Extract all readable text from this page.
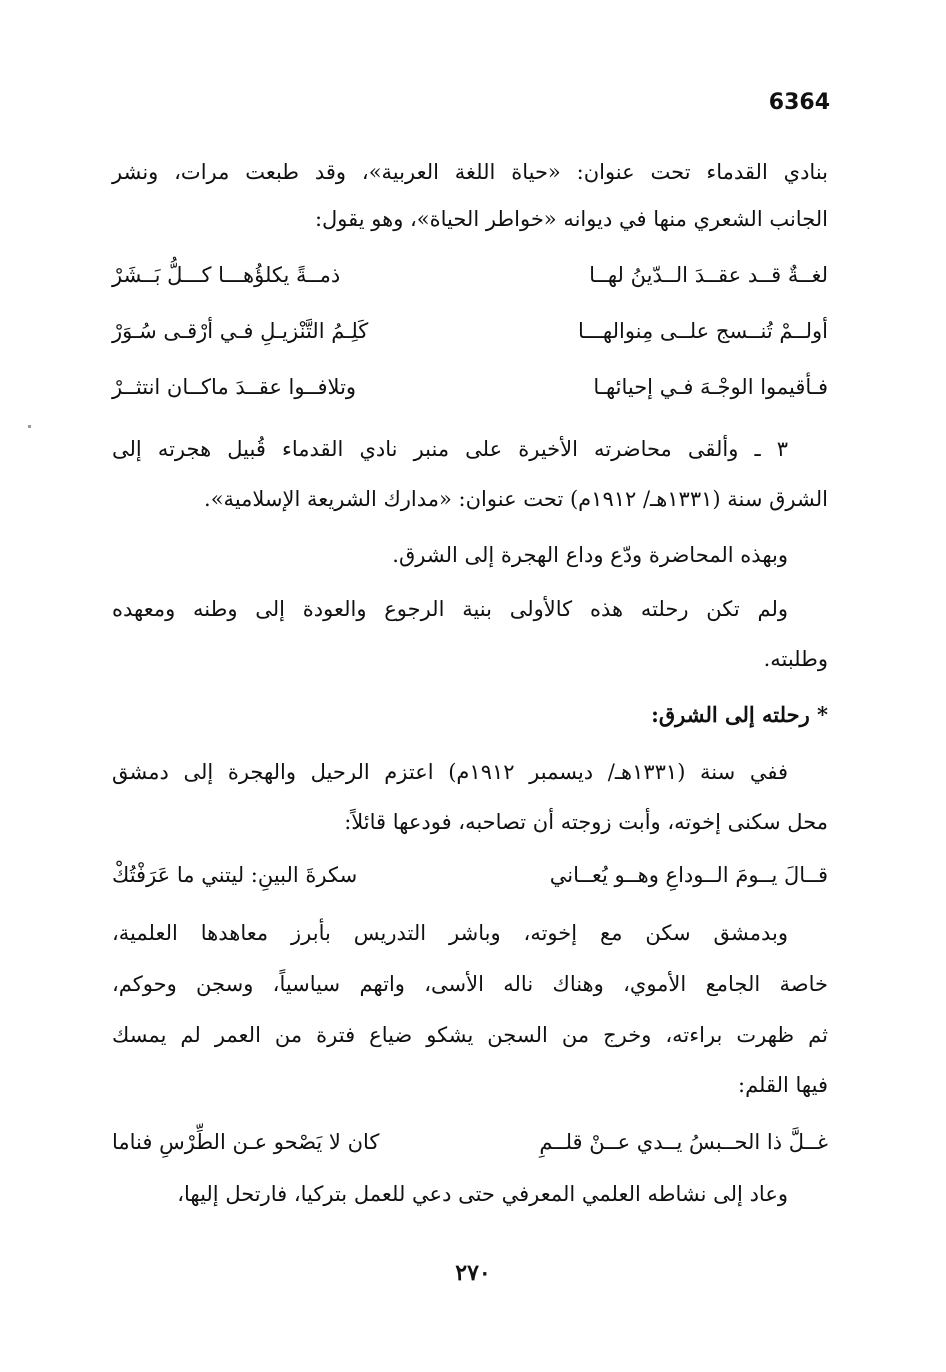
6364
بنادي القدماء تحت عنوان: «حياة اللغة العربية»، وقد طبعت مرات، ونشر
الجانب الشعري منها في ديوانه «خواطر الحياة»، وهو يقول:
لغــةٌ قــد عقــدَ الــدّينُ لهــا
ذمــةً يكلؤُهـــا كـــلُّ بَــشَرْ
أولــمْ تُنــسج علــى مِنوالهـــا
كَلِـمُ التَّنْزيـلِ فـي أرْقـى سُـوَرْ
فـأقيموا الوجْـهَ فـي إحيائهـا
وتلافــوا عقــدَ ماكــان انتثــرْ
٣ ـ وألقى محاضرته الأخيرة على منبر نادي القدماء قُبيل هجرته إلى
الشرق سنة (١٣٣١هـ/ ١٩١٢م) تحت عنوان: «مدارك الشريعة الإسلامية».
وبهذه المحاضرة ودّع وداع الهجرة إلى الشرق.
ولم تكن رحلته هذه كالأولى بنية الرجوع والعودة إلى وطنه ومعهده
وطلبته.
* رحلته إلى الشرق:
ففي سنة (١٣٣١هـ/ ديسمبر ١٩١٢م) اعتزم الرحيل والهجرة إلى دمشق
محل سكنى إخوته، وأبت زوجته أن تصاحبه، فودعها قائلاً:
قــالَ يــومَ الــوداعِ وهــو يُعــاني
سكرةَ البينِ: ليتني ما عَرَفْتُكْ
وبدمشق سكن مع إخوته، وباشر التدريس بأبرز معاهدها العلمية،
خاصة الجامع الأموي، وهناك ناله الأسى، واتهم سياسياً، وسجن وحوكم،
ثم ظهرت براءته، وخرج من السجن يشكو ضياع فترة من العمر لم يمسك
فيها القلم:
غــلَّ ذا الحــبسُ يــدي عــنْ قلــمِ
كان لا يَصْحو عـن الطِّرْسِ فناما
وعاد إلى نشاطه العلمي المعرفي حتى دعي للعمل بتركيا، فارتحل إليها،
٢٧٠
